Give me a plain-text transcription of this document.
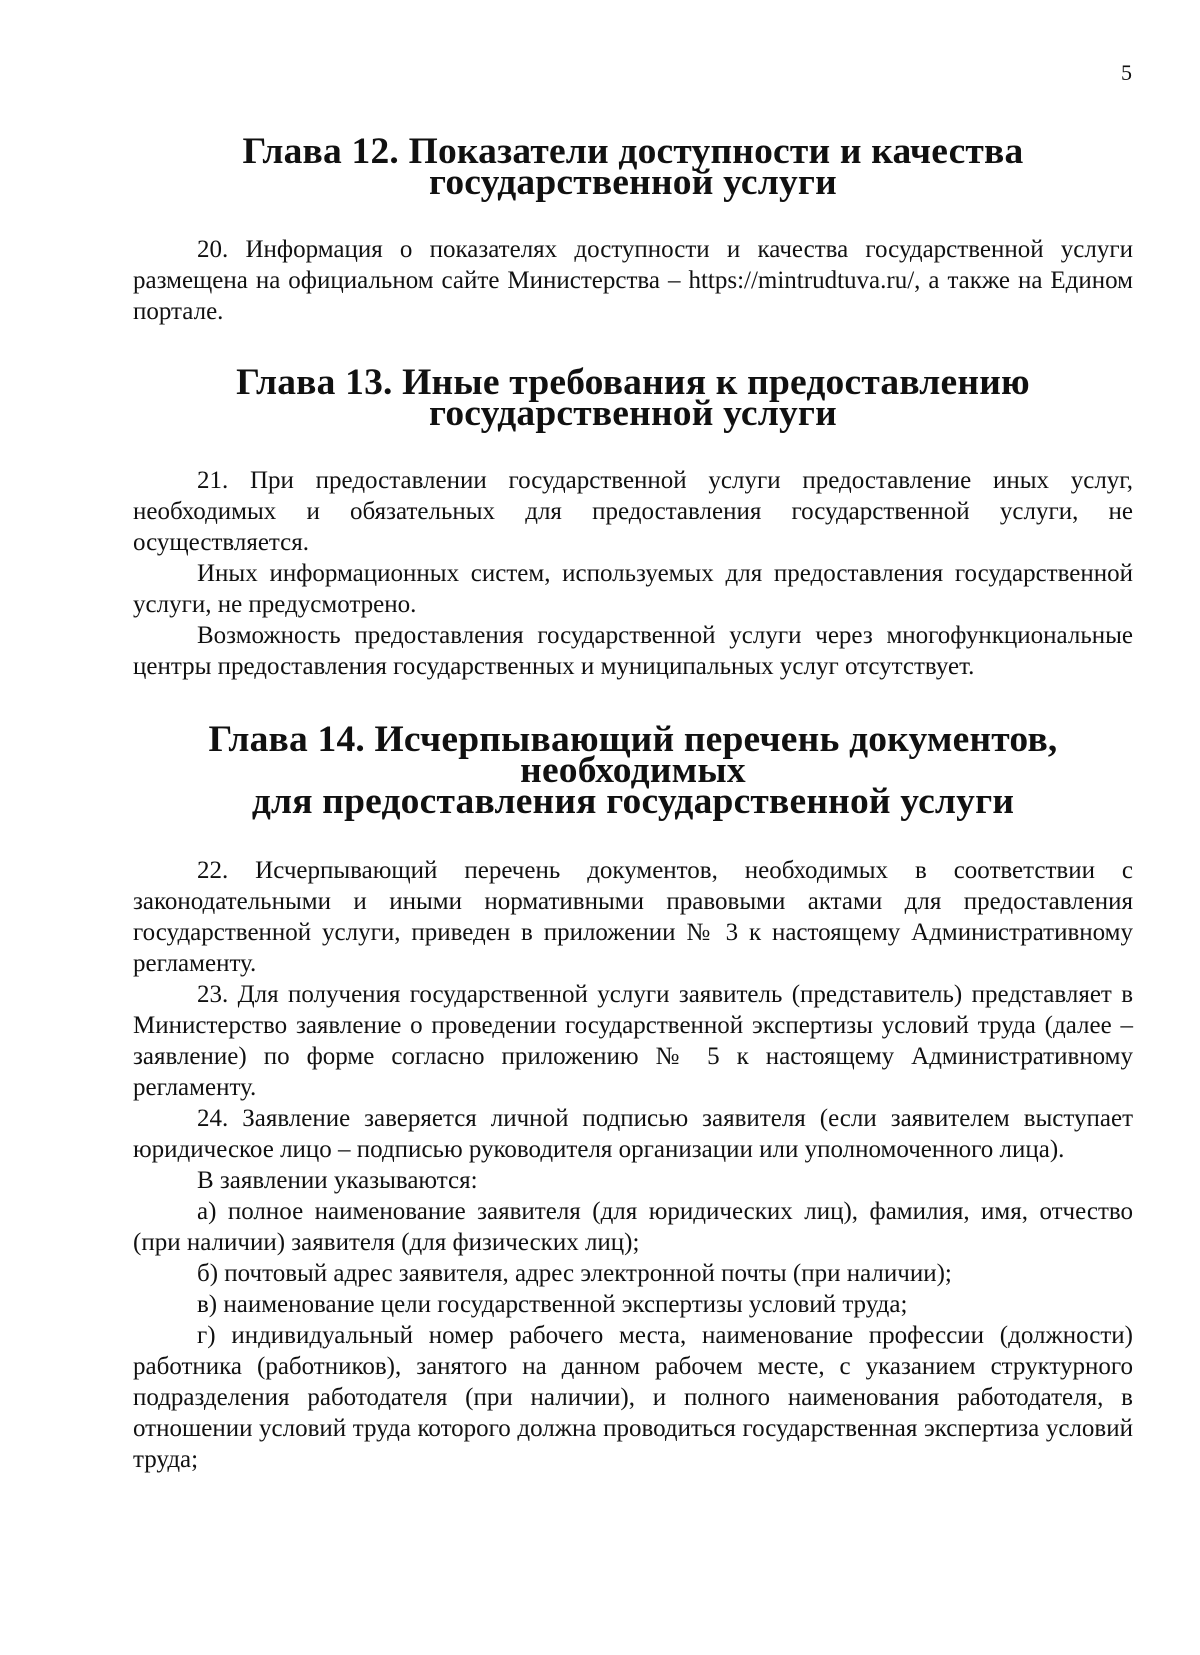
5
Глава 12. Показатели доступности и качества
государственной услуги

20. Информация о показателях доступности и качества государственной услуги размещена на официальном сайте Министерства – https://mintrudtuva.ru/, а также на Едином портале.

Глава 13. Иные требования к предоставлению
государственной услуги

21. При предоставлении государственной услуги предоставление иных услуг, необходимых и обязательных для предоставления государственной услуги, не осуществляется.

Иных информационных систем, используемых для предоставления государственной услуги, не предусмотрено.

Возможность предоставления государственной услуги через многофункциональные центры предоставления государственных и муниципальных услуг отсутствует.

Глава 14. Исчерпывающий перечень документов, необходимых
для предоставления государственной услуги

22. Исчерпывающий перечень документов, необходимых в соответствии с законодательными и иными нормативными правовыми актами для предоставления государственной услуги, приведен в приложении № 3 к настоящему Административному регламенту.

23. Для получения государственной услуги заявитель (представитель) представляет в Министерство заявление о проведении государственной экспертизы условий труда (далее – заявление) по форме согласно приложению № 5 к настоящему Административному регламенту.

24. Заявление заверяется личной подписью заявителя (если заявителем выступает юридическое лицо – подписью руководителя организации или уполномоченного лица).

В заявлении указываются:

а) полное наименование заявителя (для юридических лиц), фамилия, имя, отчество (при наличии) заявителя (для физических лиц);

б) почтовый адрес заявителя, адрес электронной почты (при наличии);

в) наименование цели государственной экспертизы условий труда;

г) индивидуальный номер рабочего места, наименование профессии (должности) работника (работников), занятого на данном рабочем месте, с указанием структурного подразделения работодателя (при наличии), и полного наименования работодателя, в отношении условий труда которого должна проводиться государственная экспертиза условий труда;
